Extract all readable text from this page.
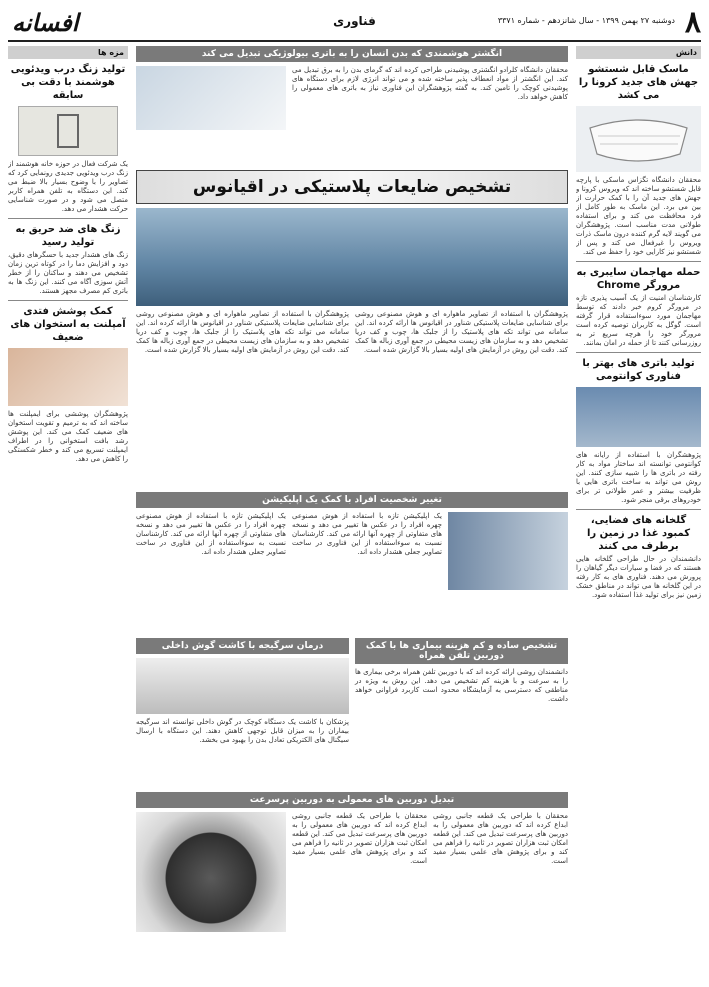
۸
دوشنبه ۲۷ بهمن ۱۳۹۹ - سال شانزدهم - شماره ۳۳۷۱
فناوری
افسانه
دانش
ماسک قابل شستشو جهش های جدید کرونا را می کشد

محققان دانشگاه تگزاس ماسکی با پارچه قابل شستشو ساخته اند که ویروس کرونا و جهش های جدید آن را با کمک حرارت از بین می برد. این ماسک به طور کامل از فرد محافظت می کند و برای استفاده طولانی مدت مناسب است. پژوهشگران می گویند لایه گرم کننده درون ماسک ذرات ویروس را غیرفعال می کند و پس از شستشو نیز کارایی خود را حفظ می کند.

حمله مهاجمان سایبری به مرورگر Chrome

کارشناسان امنیت از یک آسیب پذیری تازه در مرورگر کروم خبر دادند که توسط مهاجمان مورد سوءاستفاده قرار گرفته است. گوگل به کاربران توصیه کرده است مرورگر خود را هرچه سریع تر به روزرسانی کنند تا از حمله در امان بمانند.

تولید باتری های بهتر با فناوری کوانتومی

پژوهشگران با استفاده از رایانه های کوانتومی توانسته اند ساختار مواد به کار رفته در باتری ها را شبیه سازی کنند. این روش می تواند به ساخت باتری هایی با ظرفیت بیشتر و عمر طولانی تر برای خودروهای برقی منجر شود.

گلخانه های فضایی، کمبود غذا در زمین را برطرف می کنند

دانشمندان در حال طراحی گلخانه هایی هستند که در فضا و سیارات دیگر گیاهان را پرورش می دهند. فناوری های به کار رفته در این گلخانه ها می تواند در مناطق خشک زمین نیز برای تولید غذا استفاده شود.

مزه ها
تولید زنگ درب ویدئویی هوشمند با دقت بی سابقه

یک شرکت فعال در حوزه خانه هوشمند از زنگ درب ویدئویی جدیدی رونمایی کرد که تصاویر را با وضوح بسیار بالا ضبط می کند. این دستگاه به تلفن همراه کاربر متصل می شود و در صورت شناسایی حرکت هشدار می دهد.

زنگ های ضد حریق به تولید رسید

زنگ های هشدار جدید با حسگرهای دقیق، دود و افزایش دما را در کوتاه ترین زمان تشخیص می دهند و ساکنان را از خطر آتش سوزی آگاه می کنند. این زنگ ها به باتری کم مصرف مجهز هستند.

کمک پوشش فتدی آمپلنت به استخوان های ضعیف

پژوهشگران پوششی برای ایمپلنت ها ساخته اند که به ترمیم و تقویت استخوان های ضعیف کمک می کند. این پوشش رشد بافت استخوانی را در اطراف ایمپلنت تسریع می کند و خطر شکستگی را کاهش می دهد.

انگشتر هوشمندی که بدن انسان را به باتری بیولوژیکی تبدیل می کند

محققان دانشگاه کلرادو انگشتری پوشیدنی طراحی کرده اند که گرمای بدن را به برق تبدیل می کند. این انگشتر از مواد انعطاف پذیر ساخته شده و می تواند انرژی لازم برای دستگاه های پوشیدنی کوچک را تامین کند. به گفته پژوهشگران این فناوری نیاز به باتری های معمولی را کاهش خواهد داد.

تشخیص ضایعات پلاستیکی در اقیانوس

پژوهشگران با استفاده از تصاویر ماهواره ای و هوش مصنوعی روشی برای شناسایی ضایعات پلاستیکی شناور در اقیانوس ها ارائه کرده اند. این سامانه می تواند تکه های پلاستیک را از جلبک ها، چوب و کف دریا تشخیص دهد و به سازمان های زیست محیطی در جمع آوری زباله ها کمک کند. دقت این روش در آزمایش های اولیه بسیار بالا گزارش شده است.

پژوهشگران با استفاده از تصاویر ماهواره ای و هوش مصنوعی روشی برای شناسایی ضایعات پلاستیکی شناور در اقیانوس ها ارائه کرده اند. این سامانه می تواند تکه های پلاستیک را از جلبک ها، چوب و کف دریا تشخیص دهد و به سازمان های زیست محیطی در جمع آوری زباله ها کمک کند. دقت این روش در آزمایش های اولیه بسیار بالا گزارش شده است.

تغییر شخصیت افراد با کمک یک اپلیکیشن

یک اپلیکیشن تازه با استفاده از هوش مصنوعی چهره افراد را در عکس ها تغییر می دهد و نسخه های متفاوتی از چهره آنها ارائه می کند. کارشناسان نسبت به سوءاستفاده از این فناوری در ساخت تصاویر جعلی هشدار داده اند.

یک اپلیکیشن تازه با استفاده از هوش مصنوعی چهره افراد را در عکس ها تغییر می دهد و نسخه های متفاوتی از چهره آنها ارائه می کند. کارشناسان نسبت به سوءاستفاده از این فناوری در ساخت تصاویر جعلی هشدار داده اند.

تشخیص ساده و کم هزینه بیماری ها با کمک دوربین تلفن همراه

دانشمندان روشی ارائه کرده اند که با دوربین تلفن همراه برخی بیماری ها را به سرعت و با هزینه کم تشخیص می دهد. این روش به ویژه در مناطقی که دسترسی به آزمایشگاه محدود است کاربرد فراوانی خواهد داشت.

درمان سرگیجه با کاشت گوش داخلی

پزشکان با کاشت یک دستگاه کوچک در گوش داخلی توانسته اند سرگیجه بیماران را به میزان قابل توجهی کاهش دهند. این دستگاه با ارسال سیگنال های الکتریکی تعادل بدن را بهبود می بخشد.

تبدیل دوربین های معمولی به دوربین پرسرعت

محققان با طراحی یک قطعه جانبی روشی ابداع کرده اند که دوربین های معمولی را به دوربین های پرسرعت تبدیل می کند. این قطعه امکان ثبت هزاران تصویر در ثانیه را فراهم می کند و برای پژوهش های علمی بسیار مفید است.

محققان با طراحی یک قطعه جانبی روشی ابداع کرده اند که دوربین های معمولی را به دوربین های پرسرعت تبدیل می کند. این قطعه امکان ثبت هزاران تصویر در ثانیه را فراهم می کند و برای پژوهش های علمی بسیار مفید است.
